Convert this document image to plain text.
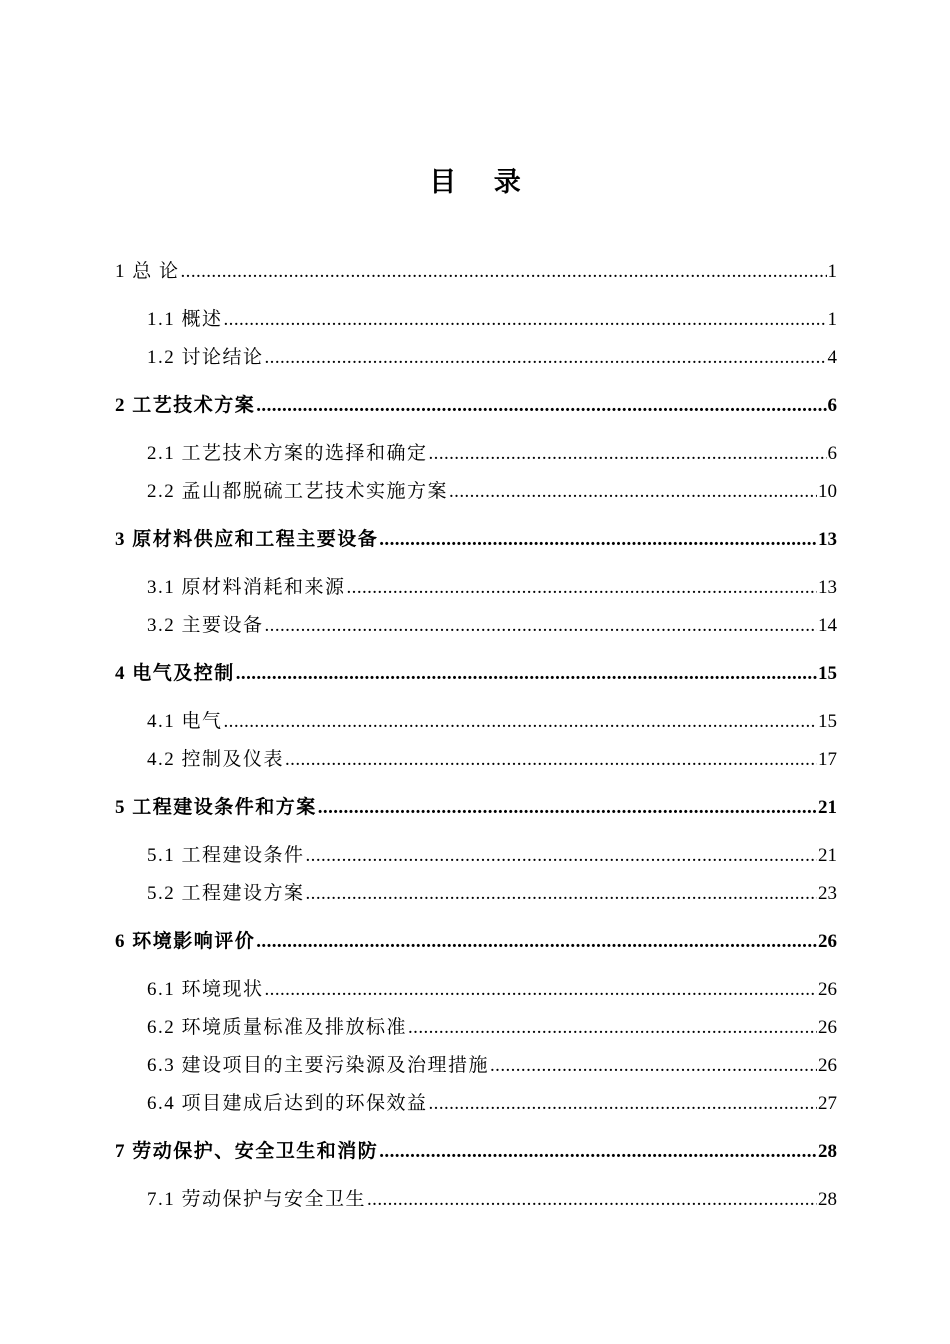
目 录
1 总 论 .....	1
1.1 概述 .....	1
1.2 讨论结论 .....	4
2 工艺技术方案 .....	6
2.1 工艺技术方案的选择和确定 .....	6
2.2 孟山都脱硫工艺技术实施方案 .....	10
3 原材料供应和工程主要设备 .....	13
3.1 原材料消耗和来源 .....	13
3.2 主要设备 .....	14
4 电气及控制 .....	15
4.1 电气 .....	15
4.2 控制及仪表 .....	17
5 工程建设条件和方案 .....	21
5.1 工程建设条件 .....	21
5.2 工程建设方案 .....	23
6 环境影响评价 .....	26
6.1 环境现状 .....	26
6.2 环境质量标准及排放标准 .....	26
6.3 建设项目的主要污染源及治理措施 .....	26
6.4 项目建成后达到的环保效益 .....	27
7 劳动保护、安全卫生和消防 .....	28
7.1 劳动保护与安全卫生 .....	28
